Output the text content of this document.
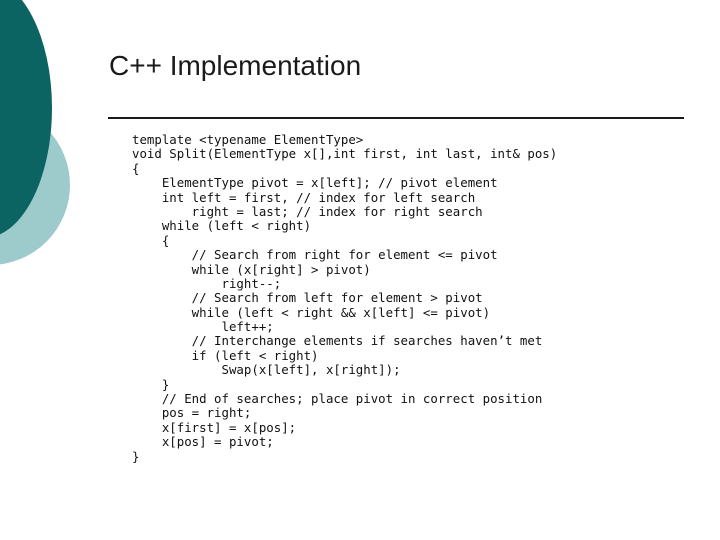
C++ Implementation
template <typename ElementType>
void Split(ElementType x[],int first, int last, int& pos)
{
ElementType pivot = x[left]; // pivot element
int left = first, // index for left search
right = last; // index for right search
while (left < right)
{
// Search from right for element <= pivot
while (x[right] > pivot)
right--;
// Search from left for element > pivot
while (left < right && x[left] <= pivot)
left++;
// Interchange elements if searches haven’t met
if (left < right)
Swap(x[left], x[right]);
}
// End of searches; place pivot in correct position
pos = right;
x[first] = x[pos];
x[pos] = pivot;
}
